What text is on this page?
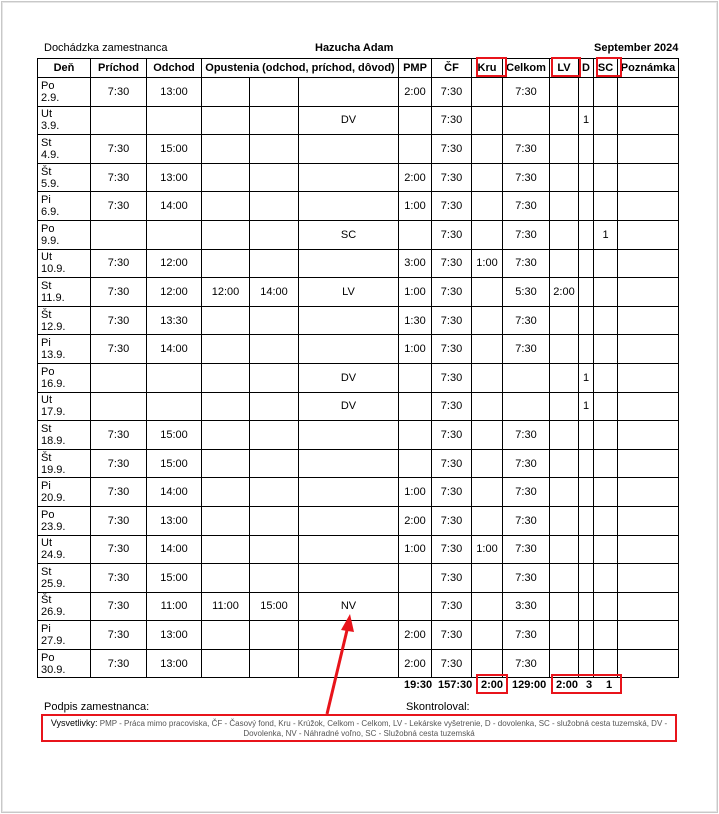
Dochádzka zamestnanca	Hazucha Adam	September 2024
Deň	Príchod	Odchod	Opustenia (odchod, príchod, dôvod)			PMP	ČF	Kru	Celkom	LV	D	SC	Poznámka
Po
2.9.	7:30	13:00				2:00	7:30		7:30				
Ut
3.9.					DV		7:30				1		
St
4.9.	7:30	15:00					7:30		7:30				
Št
5.9.	7:30	13:00				2:00	7:30		7:30				
Pi
6.9.	7:30	14:00				1:00	7:30		7:30				
Po
9.9.					SC		7:30		7:30			1	
Ut
10.9.	7:30	12:00				3:00	7:30	1:00	7:30				
St
11.9.	7:30	12:00	12:00	14:00	LV	1:00	7:30		5:30	2:00			
Št
12.9.	7:30	13:30				1:30	7:30		7:30				
Pi
13.9.	7:30	14:00				1:00	7:30		7:30				
Po
16.9.					DV		7:30				1		
Ut
17.9.					DV		7:30				1		
St
18.9.	7:30	15:00					7:30		7:30				
Št
19.9.	7:30	15:00					7:30		7:30				
Pi
20.9.	7:30	14:00				1:00	7:30		7:30				
Po
23.9.	7:30	13:00				2:00	7:30		7:30				
Ut
24.9.	7:30	14:00				1:00	7:30	1:00	7:30				
St
25.9.	7:30	15:00					7:30		7:30				
Št
26.9.	7:30	11:00	11:00	15:00	NV		7:30		3:30				
Pi
27.9.	7:30	13:00				2:00	7:30		7:30				
Po
30.9.	7:30	13:00				2:00	7:30		7:30				
19:30 157:30 2:00 129:00 2:00 3 1
Podpis zamestnanca:	Skontroloval:
Vysvetlivky: PMP - Práca mimo pracoviska, ČF - Časový fond, Kru - Krúžok, Celkom - Celkom, LV - Lekárske vyšetrenie, D - dovolenka, SC - služobná cesta tuzemská, DV - Dovolenka, NV - Náhradné voľno, SC - Služobná cesta tuzemská
